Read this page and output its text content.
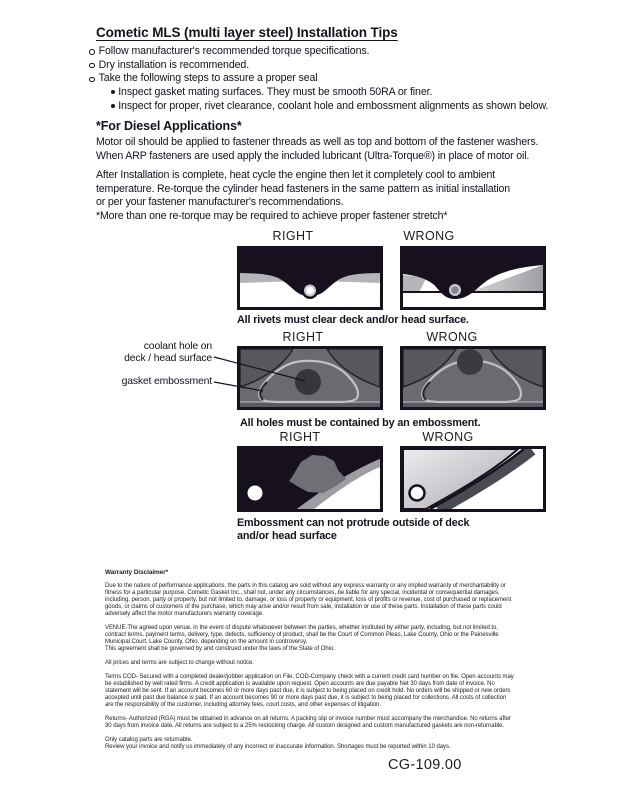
Cometic MLS (multi layer steel) Installation Tips
Follow manufacturer's recommended torque specifications.
Dry installation is recommended.
Take the following steps to assure a proper seal
Inspect gasket mating surfaces. They must be smooth 50RA or finer.
Inspect for proper, rivet clearance, coolant hole and embossment alignments as shown below.
*For Diesel Applications*
Motor oil should be applied to fastener threads as well as top and bottom of the fastener washers.
When ARP fasteners are used apply the included lubricant (Ultra-Torque®) in place of motor oil.
After Installation is complete, heat cycle the engine then let it completely cool to ambient
temperature. Re-torque the cylinder head fasteners in the same pattern as initial installation
or per your fastener manufacturer's recommendations.
*More than one re-torque may be required to achieve proper fastener stretch*
RIGHT	WRONG
All rivets must clear deck and/or head surface.
RIGHT	WRONG
coolant hole on
deck / head surface
gasket embossment
All holes must be contained by an embossment.
RIGHT	WRONG
Embossment can not protrude outside of deck
and/or head surface

Warranty Disclaimer*

Due to the nature of performance applications, the parts in this catalog are sold without any express warranty or any implied warranty of merchantability or fitness for a particular purpose. Cometic Gasket Inc., shall not, under any circumstances, be liable for any special, incidental or consequential damages, including, person, party or property, but not limited to, damage, or loss of property or equipment, loss of profits or revenue, cost of purchased or replacement goods, or claims of customers of the purchase, which may arise and/or result from sale, installation or use of these parts. Installation of these parts could adversely affect the motor manufacturers warranty coverage.

VENUE-The agreed upon venue, in the event of dispute whatsoever between the parties, whether instituted by either party, including, but not limited to, contract terms, payment terms, delivery, type, defects, sufficiency of product, shall be the Court of Common Pleas, Lake County, Ohio or the Painesville Municipal Court, Lake County, Ohio, depending on the amount in controversy.
This agreement shall be governed by and construed under the laws of the State of Ohio.

All prices and terms are subject to change without notice.

Terms COD- Secured with a completed dealer/jobber application on File, COD-Company check with a current credit card number on file. Open accounts may be established by well rated firms. A credit application is available upon request. Open accounts are due payable Net 30 days from date of invoice. No statement will be sent. If an account becomes 60 or more days past due, it is subject to being placed on credit hold. No orders will be shipped or new orders accepted until past due balance is paid. If an account becomes 90 or more days past due, it is subject to being placed for collections. All costs of collection are the responsibility of the customer, including attorney fees, court costs, and other expenses of litigation.

Returns- Authorized (RGA) must be obtained in advance on all returns. A packing slip or invoice number must accompany the merchandise. No returns after 30 days from invoice date. All returns are subject to a 25% restocking charge. All custom designed and custom manufactured gaskets are non-returnable.

Only catalog parts are returnable.
Review your invoice and notify us immediately of any incorrect or inaccurate information. Shortages must be reported within 10 days.

CG-109.00
